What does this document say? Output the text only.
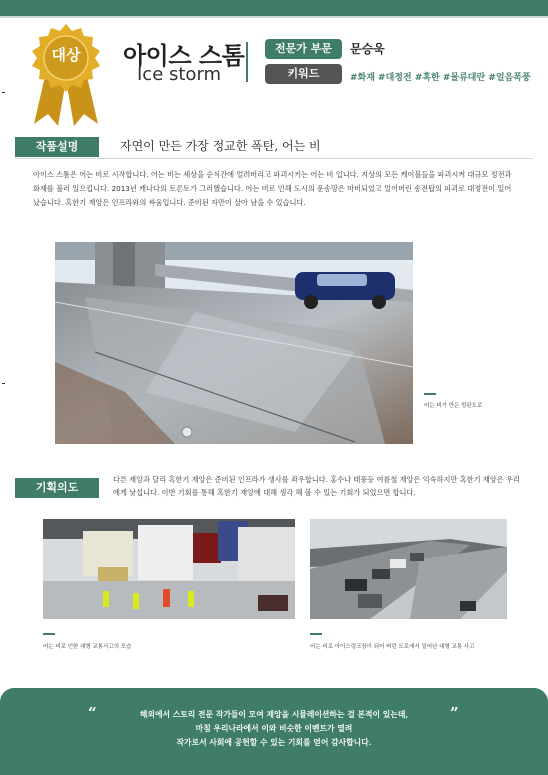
대상 아이스 스톰
Ice storm
전문가 부문
키워드
문승욱
#화재 #대정전 #혹한 #물류대란 #얼음폭풍
작품설명	자연이 만든 가장 정교한 폭탄, 어는 비
아이스 스톰은 어는 비로 시작합니다. 어는 비는 세상을 순식간에 얼려버리고 파괴시키는 어는 비 입니다. 지상의 모든 케이블들을 파괴시켜 대규모 정전과 화재를 불러 일으킵니다. 2013년 캐나다의 토론토가 그러했습니다. 어는 비로 인해 도시의 운송망은 마비되었고 얼어버린 송전탑의 파괴로 대정전이 일어났습니다. 혹한기 재앙은 인프라와의 싸움입니다. 준비된 자만이 살아 남을 수 있습니다.
어는 비가 만든 빙판도로
기획의도
다른 재앙과 달리 혹한기 재앙은 준비된 인프라가 생사를 좌우합니다. 홍수나 태풍등 여름철 재앙은 익숙하지만 혹한기 재앙은 우리에게 낯섭니다. 이번 기회를 통해 혹한기 재앙에 대해 생각 해 볼 수 있는 기회가 되었으면 합니다.
어는 비로 인한 대형 교통사고의 모습	어는 비로 아이스링크장이 되어 버린 도로에서 일어난 대형 교통 사고
“	”
해외에서 스토리 전문 작가들이 모여 재앙을 시뮬레이션하는 걸 본적이 있는데,
마침 우리나라에서 이와 비슷한 이벤트가 열려
작가로서 사회에 공헌할 수 있는 기회를 얻어 감사합니다.
